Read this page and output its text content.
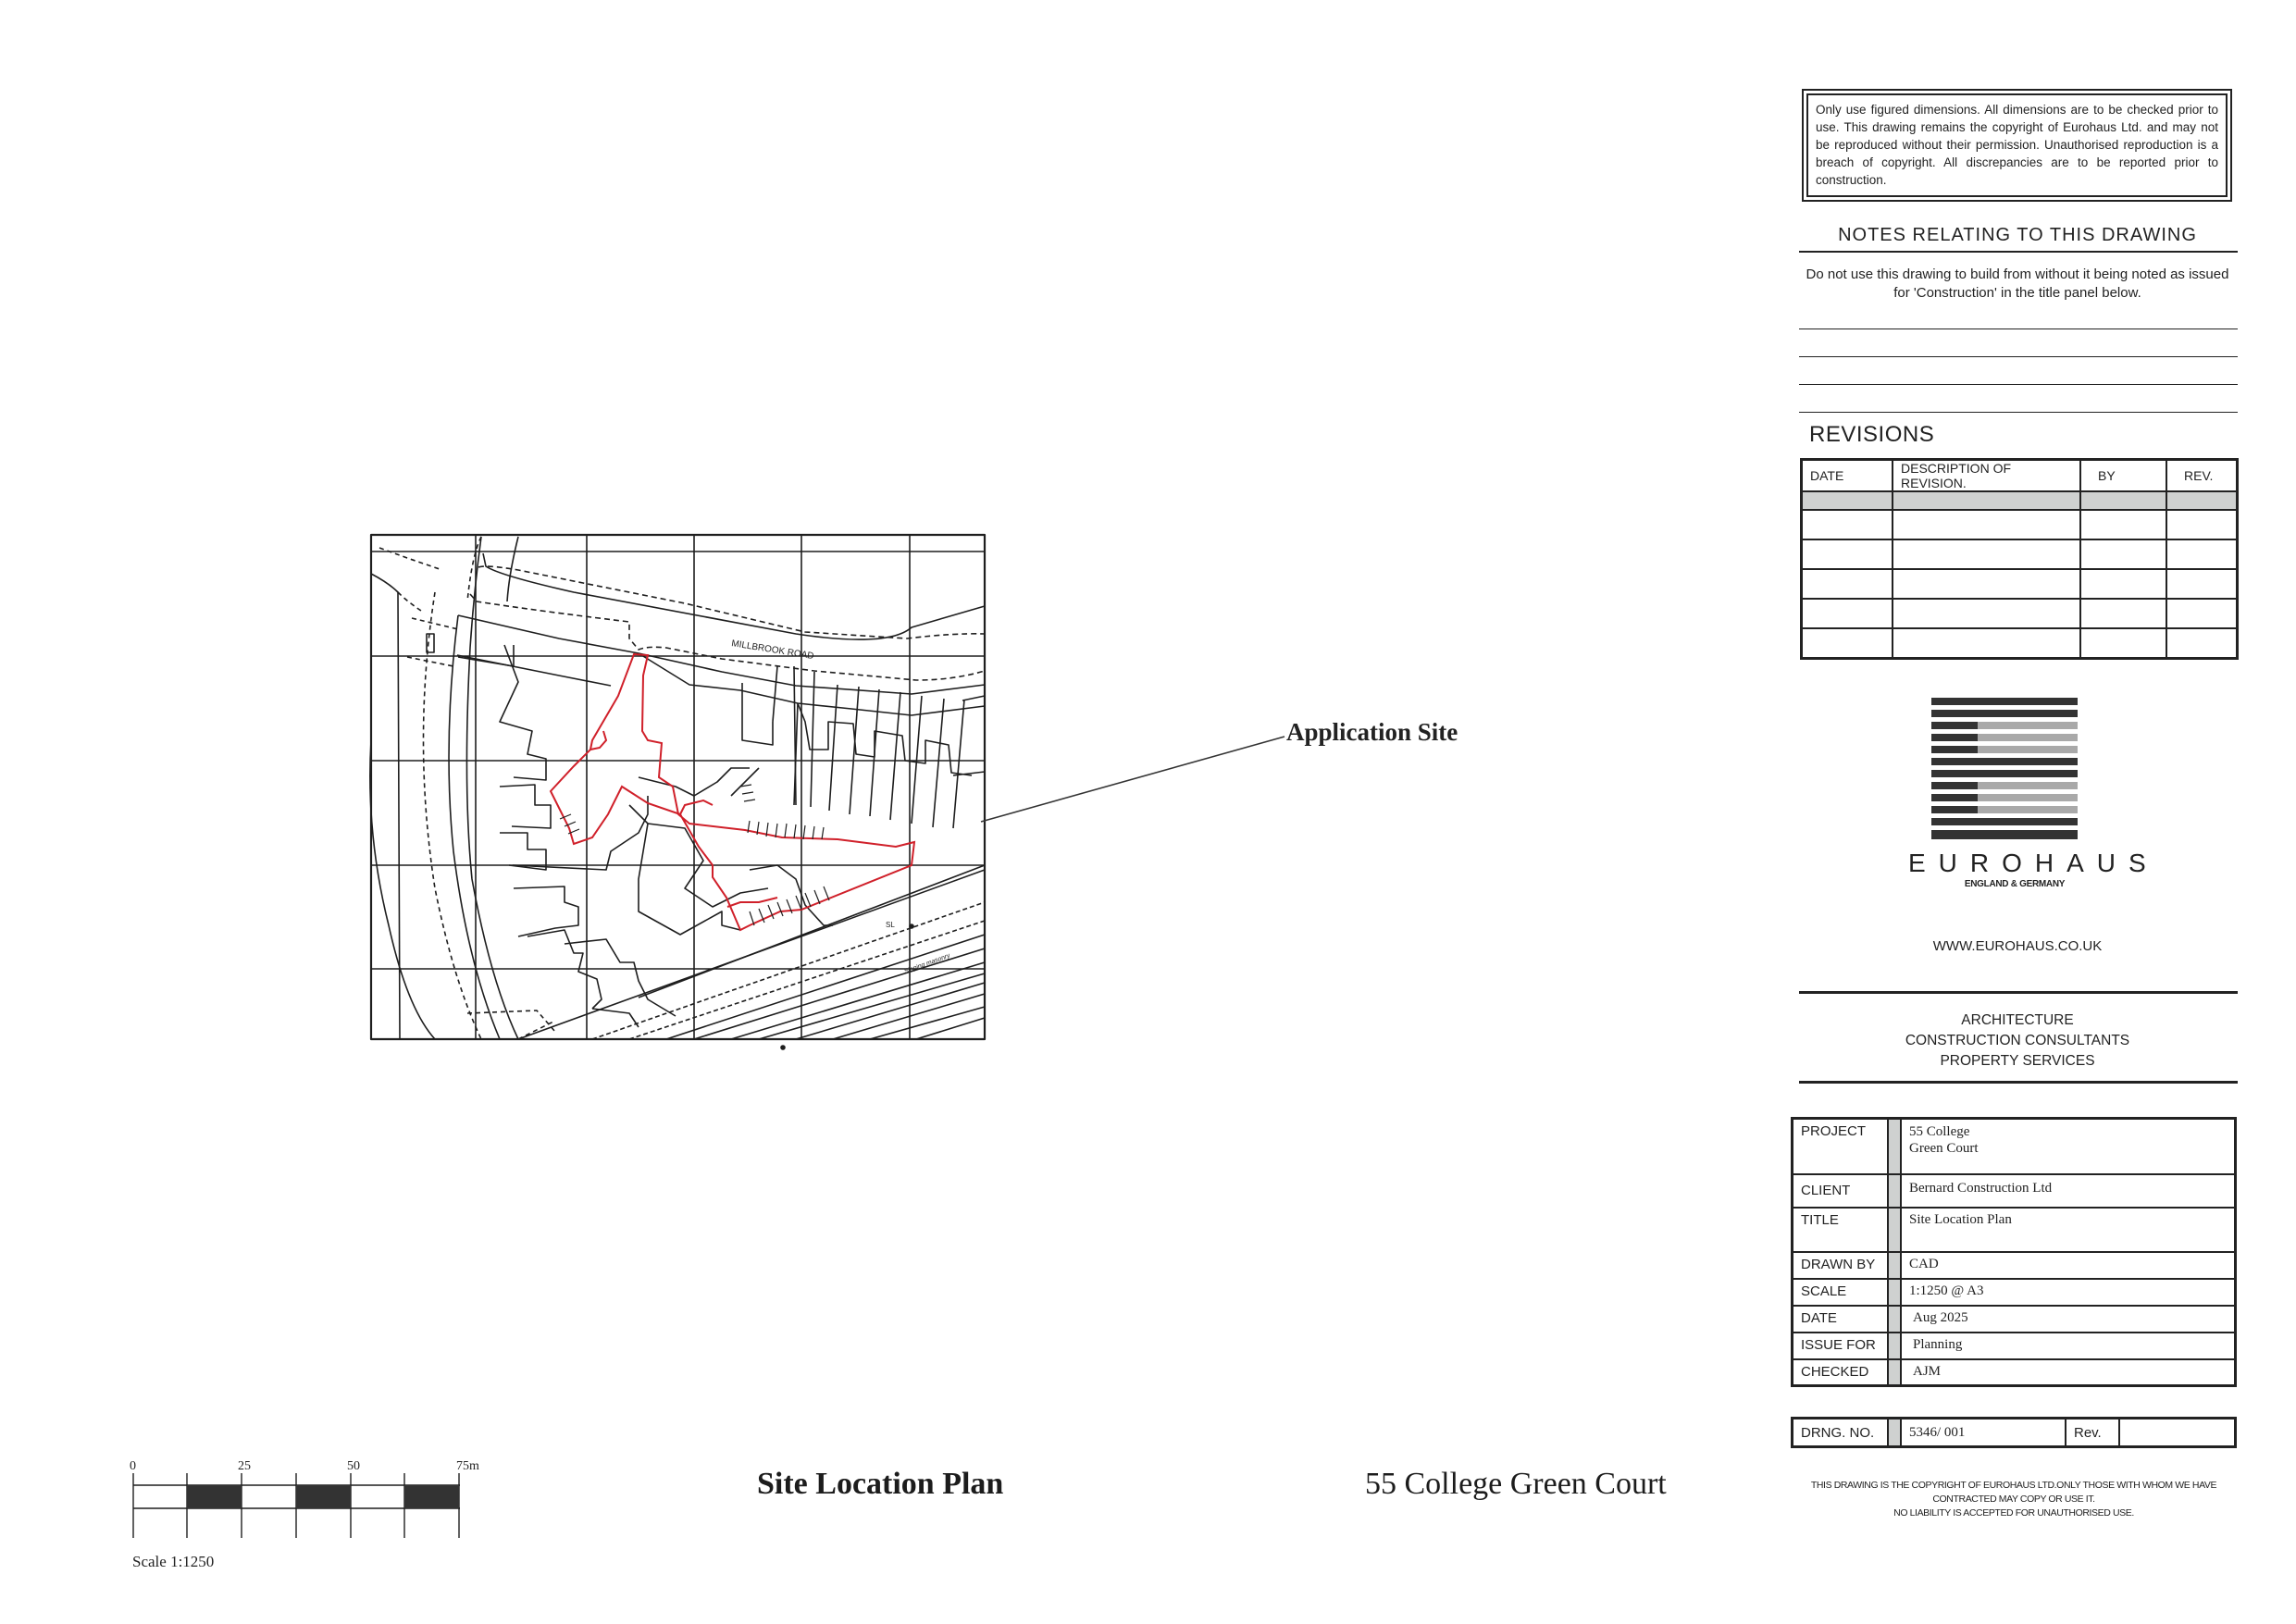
MILLBROOK ROAD
SL
Sloping masonry
Application Site
0	25	50	75m
Scale 1:1250
Site Location Plan	55 College Green Court
Only use figured dimensions. All dimensions are to be checked prior to use. This drawing remains the copyright of Eurohaus Ltd. and may not be reproduced without their permission. Unauthorised reproduction is a breach of copyright. All discrepancies are to be reported prior to construction.
NOTES RELATING TO THIS DRAWING
Do not use this drawing to build from without it being noted as issued for 'Construction' in the title panel below.
REVISIONS
DATE	DESCRIPTION OF REVISION.	BY	REV.

EUROHAUS
ENGLAND & GERMANY
WWW.EUROHAUS.CO.UK
ARCHITECTURE
CONSTRUCTION CONSULTANTS
PROPERTY SERVICES
PROJECT		55 College
Green Court

CLIENT		Bernard Construction Ltd
TITLE		Site Location Plan
DRAWN BY		CAD
SCALE		1:1250 @ A3
DATE		Aug 2025
ISSUE FOR		Planning
CHECKED		AJM
DRNG. NO.		5346/ 001	Rev.	
THIS DRAWING IS THE COPYRIGHT OF EUROHAUS LTD.ONLY THOSE WITH WHOM WE HAVE
CONTRACTED MAY COPY OR USE IT.
NO LIABILITY IS ACCEPTED FOR UNAUTHORISED USE.
